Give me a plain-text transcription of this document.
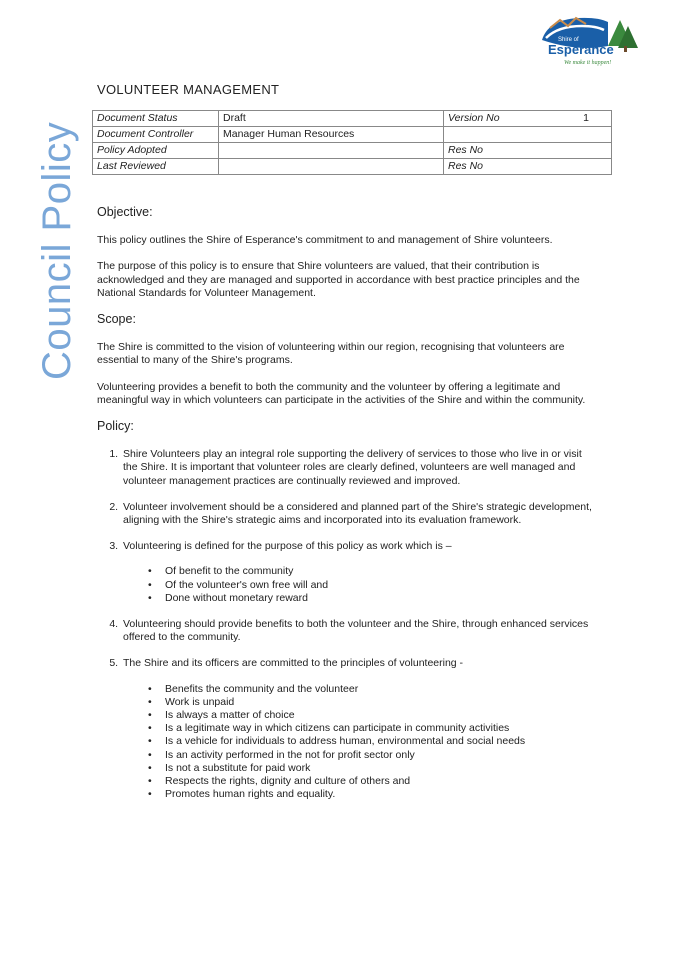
Council Policy
Shire of
Esperance
We make it happen!
VOLUNTEER MANAGEMENT
Document Status	Draft	Version No	1
Document Controller	Manager Human Resources		
Policy Adopted		Res No	
Last Reviewed		Res No	
Objective:

This policy outlines the Shire of Esperance's commitment to and management of Shire volunteers.

The purpose of this policy is to ensure that Shire volunteers are valued, that their contribution is acknowledged and they are managed and supported in accordance with best practice principles and the National Standards for Volunteer Management.

Scope:

The Shire is committed to the vision of volunteering within our region, recognising that volunteers are essential to many of the Shire's programs.

Volunteering provides a benefit to both the community and the volunteer by offering a legitimate and meaningful way in which volunteers can participate in the activities of the Shire and within the community.

Policy:
1. Shire Volunteers play an integral role supporting the delivery of services to those who live in or visit the Shire. It is important that volunteer roles are clearly defined, volunteers are well managed and volunteer management practices are continually reviewed and improved.
2. Volunteer involvement should be a considered and planned part of the Shire's strategic development, aligning with the Shire's strategic aims and incorporated into its evaluation framework.
3. Volunteering is defined for the purpose of this policy as work which is –
• Of benefit to the community
• Of the volunteer's own free will and
• Done without monetary reward
4. Volunteering should provide benefits to both the volunteer and the Shire, through enhanced services offered to the community.
5. The Shire and its officers are committed to the principles of volunteering -
• Benefits the community and the volunteer
• Work is unpaid
• Is always a matter of choice
• Is a legitimate way in which citizens can participate in community activities
• Is a vehicle for individuals to address human, environmental and social needs
• Is an activity performed in the not for profit sector only
• Is not a substitute for paid work
• Respects the rights, dignity and culture of others and
• Promotes human rights and equality.
